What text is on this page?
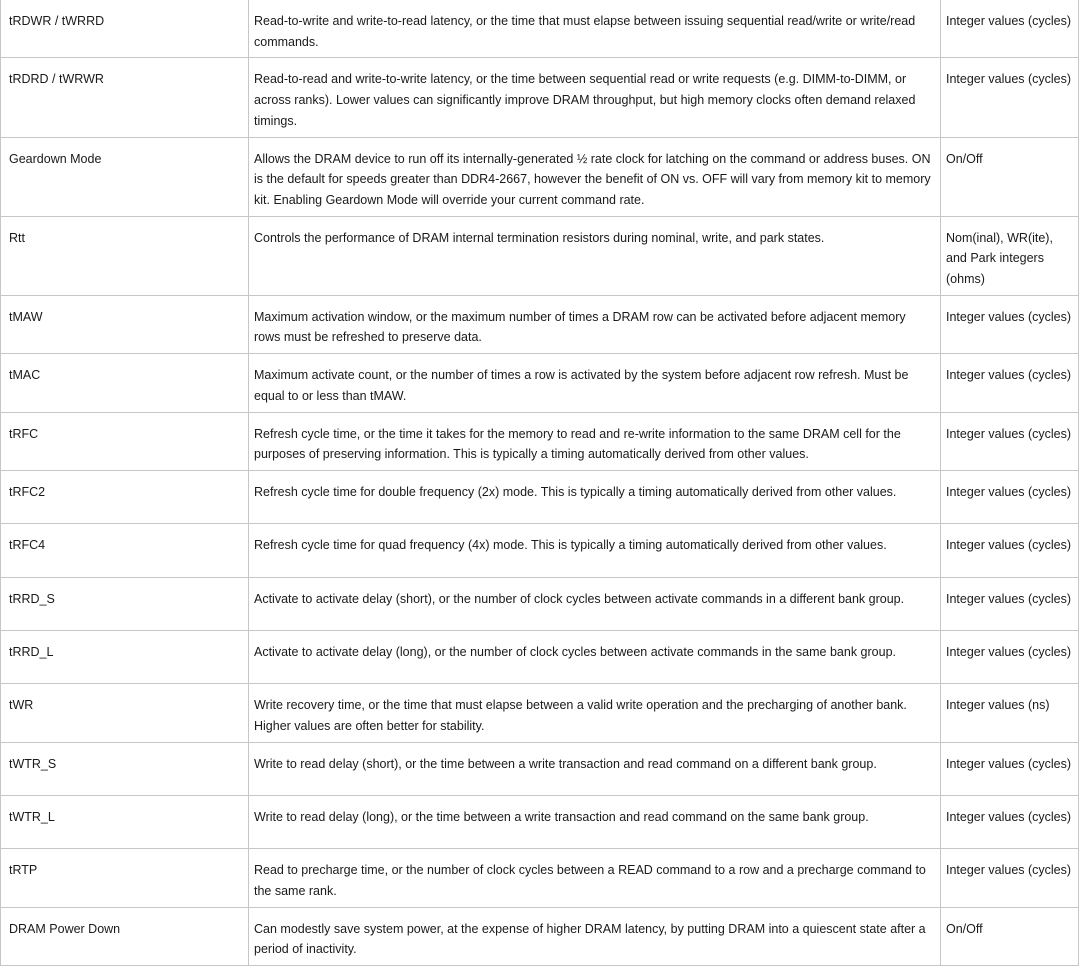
tRDWR / tWRRD	Read-to-write and write-to-read latency, or the time that must elapse between issuing sequential read/write or write/read commands.	Integer values (cycles)
tRDRD / tWRWR	Read-to-read and write-to-write latency, or the time between sequential read or write requests (e.g. DIMM-to-DIMM, or across ranks). Lower values can significantly improve DRAM throughput, but high memory clocks often demand relaxed timings.	Integer values (cycles)
Geardown Mode	Allows the DRAM device to run off its internally-generated ½ rate clock for latching on the command or address buses. ON is the default for speeds greater than DDR4-2667, however the benefit of ON vs. OFF will vary from memory kit to memory kit. Enabling Geardown Mode will override your current command rate.	On/Off
Rtt	Controls the performance of DRAM internal termination resistors during nominal, write, and park states.	Nom(inal), WR(ite), and Park integers (ohms)
tMAW	Maximum activation window, or the maximum number of times a DRAM row can be activated before adjacent memory rows must be refreshed to preserve data.	Integer values (cycles)
tMAC	Maximum activate count, or the number of times a row is activated by the system before adjacent row refresh. Must be equal to or less than tMAW.	Integer values (cycles)
tRFC	Refresh cycle time, or the time it takes for the memory to read and re-write information to the same DRAM cell for the purposes of preserving information. This is typically a timing automatically derived from other values.	Integer values (cycles)
tRFC2	Refresh cycle time for double frequency (2x) mode. This is typically a timing automatically derived from other values.	Integer values (cycles)
tRFC4	Refresh cycle time for quad frequency (4x) mode. This is typically a timing automatically derived from other values.	Integer values (cycles)
tRRD_S	Activate to activate delay (short), or the number of clock cycles between activate commands in a different bank group.	Integer values (cycles)
tRRD_L	Activate to activate delay (long), or the number of clock cycles between activate commands in the same bank group.	Integer values (cycles)
tWR	Write recovery time, or the time that must elapse between a valid write operation and the precharging of another bank. Higher values are often better for stability.	Integer values (ns)
tWTR_S	Write to read delay (short), or the time between a write transaction and read command on a different bank group.	Integer values (cycles)
tWTR_L	Write to read delay (long), or the time between a write transaction and read command on the same bank group.	Integer values (cycles)
tRTP	Read to precharge time, or the number of clock cycles between a READ command to a row and a precharge command to the same rank.	Integer values (cycles)
DRAM Power Down	Can modestly save system power, at the expense of higher DRAM latency, by putting DRAM into a quiescent state after a period of inactivity.	On/Off
